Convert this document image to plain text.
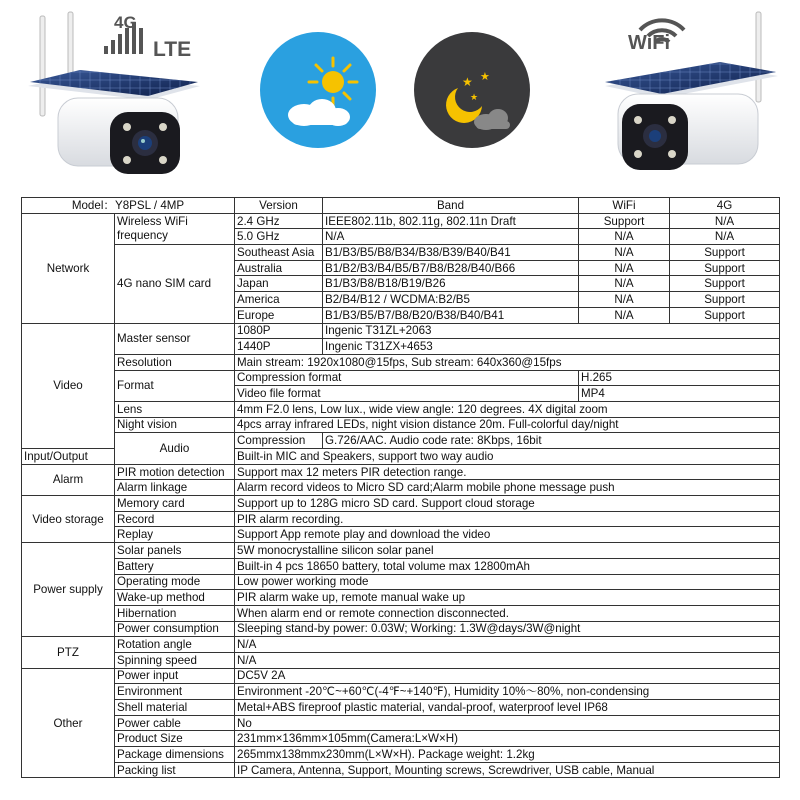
4G
LTE
★ ★
★
WiFi
Model：Y8PSL / 4MP		Version	Band	WiFi	4G
Network	Wireless WiFi frequency	2.4 GHz	IEEE802.11b, 802.11g, 802.11n Draft	Support	N/A
		5.0 GHz	N/A	N/A	N/A
	4G nano SIM card	Southeast Asia	B1/B3/B5/B8/B34/B38/B39/B40/B41	N/A	Support
		Australia	B1/B2/B3/B4/B5/B7/B8/B28/B40/B66	N/A	Support
		Japan	B1/B3/B8/B18/B19/B26	N/A	Support
		America	B2/B4/B12 / WCDMA:B2/B5	N/A	Support
		Europe	B1/B3/B5/B7/B8/B20/B38/B40/B41	N/A	Support
Video	Master sensor	1080P	Ingenic T31ZL+2063		
		1440P	Ingenic T31ZX+4653		
	Resolution	Main stream: 1920x1080@15fps, Sub stream: 640x360@15fps			
	Format	Compression format		H.265	
		Video file format		MP4	
	Lens	4mm F2.0 lens, Low lux., wide view angle: 120 degrees. 4X digital zoom			
	Night vision	4pcs array infrared LEDs, night vision distance 20m. Full-colorful day/night			
	Audio	Compression	G.726/AAC. Audio code rate: 8Kbps, 16bit		
Input/Output		Built-in MIC and Speakers, support two way audio			
Alarm	PIR motion detection	Support max 12 meters PIR detection range.			
	Alarm linkage	Alarm record videos to Micro SD card;Alarm mobile phone message push			
Video storage	Memory card	Support up to 128G micro SD card. Support cloud storage			
	Record	PIR alarm recording.			
	Replay	Support App remote play and download the video			
Power supply	Solar panels	5W monocrystalline silicon solar panel			
	Battery	Built-in 4 pcs 18650 battery, total volume max 12800mAh			
	Operating mode	Low power working mode			
	Wake-up method	PIR alarm wake up, remote manual wake up			
	Hibernation	When alarm end or remote connection disconnected.			
	Power consumption	Sleeping stand-by power: 0.03W; Working: 1.3W@days/3W@night			
PTZ	Rotation angle	N/A			
	Spinning speed	N/A			
Other	Power input	DC5V 2A			
	Environment	Environment -20℃~+60℃(-4℉~+140℉), Humidity 10%～80%, non-condensing			
	Shell material	Metal+ABS fireproof plastic material, vandal-proof, waterproof level IP68			
	Power cable	No			
	Product Size	231mm×136mm×105mm(Camera:L×W×H)			
	Package dimensions	265mmx138mmx230mm(L×W×H). Package weight: 1.2kg			
	Packing list	IP Camera, Antenna, Support, Mounting screws, Screwdriver, USB cable, Manual			
